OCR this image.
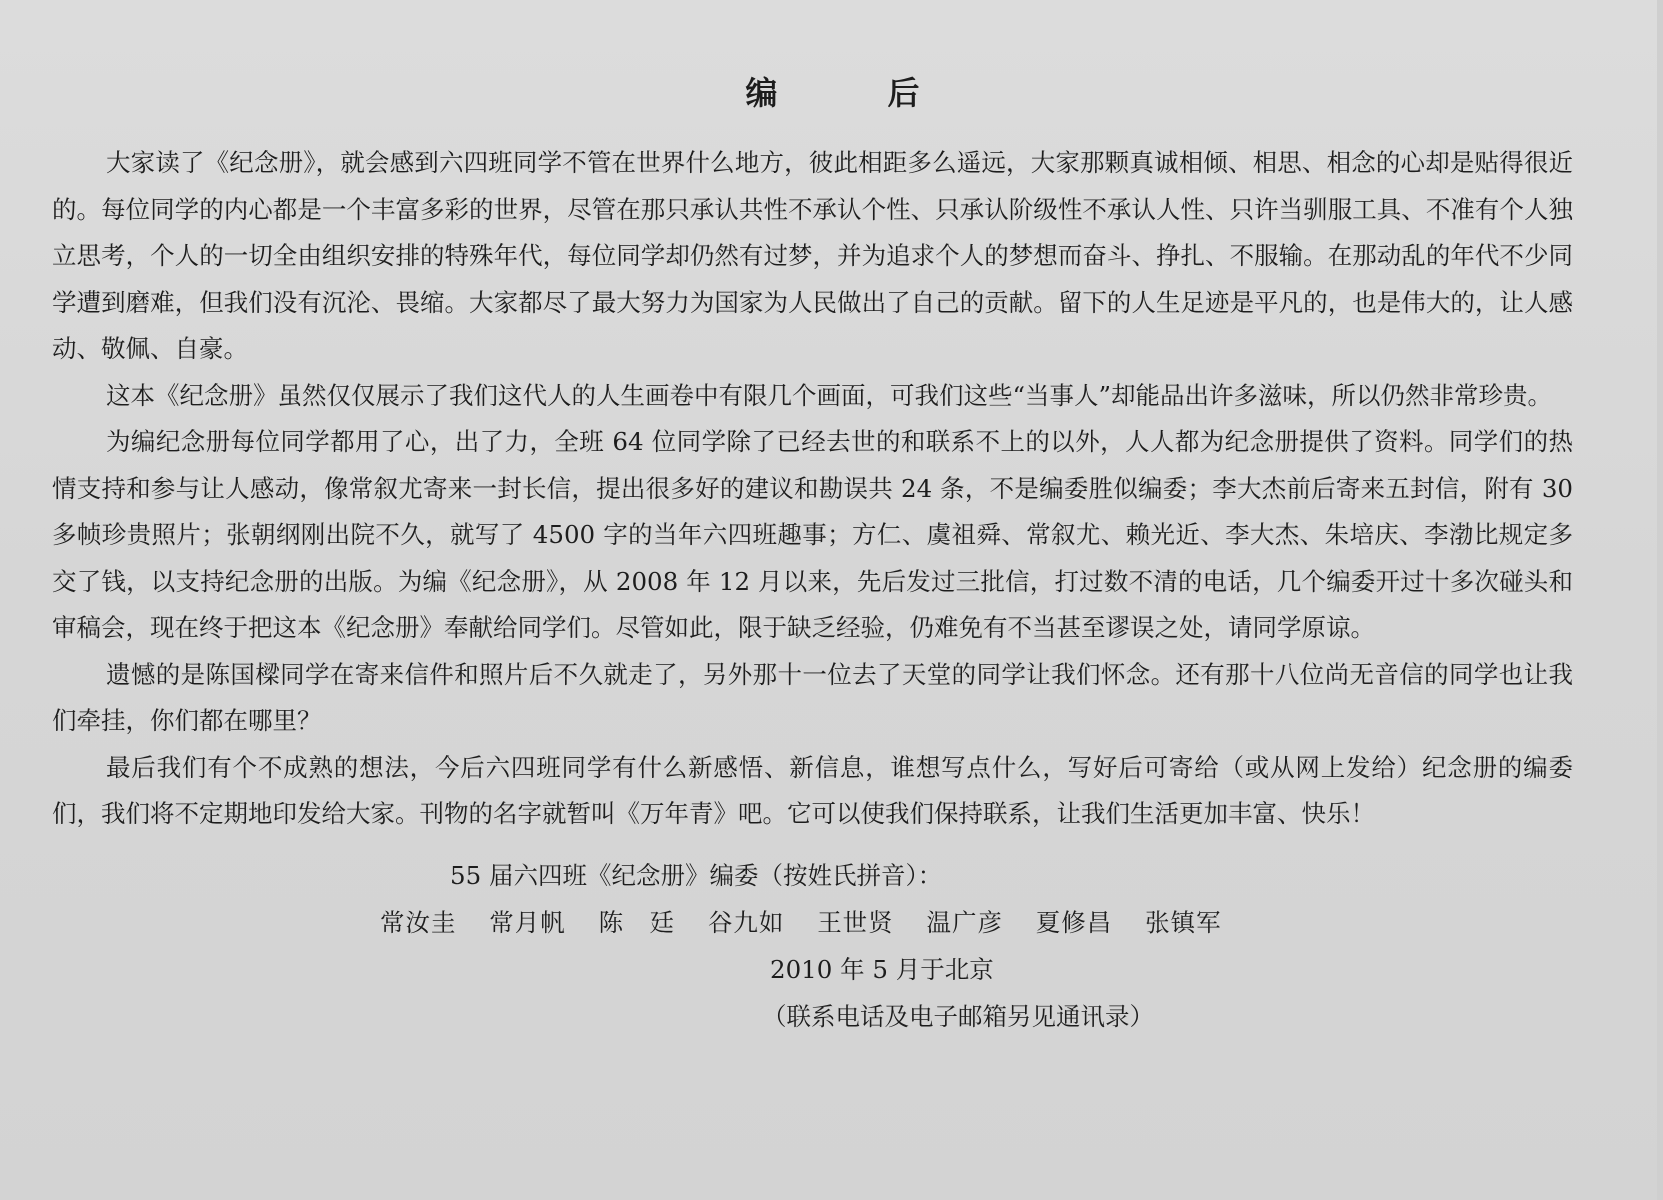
编	后

大家读了《纪念册》，就会感到六四班同学不管在世界什么地方，彼此相距多么遥远，大家那颗真诚相倾、相思、相念的心却是贴得很近的。每位同学的内心都是一个丰富多彩的世界，尽管在那只承认共性不承认个性、只承认阶级性不承认人性、只许当驯服工具、不准有个人独立思考，个人的一切全由组织安排的特殊年代，每位同学却仍然有过梦，并为追求个人的梦想而奋斗、挣扎、不服输。在那动乱的年代不少同学遭到磨难，但我们没有沉沦、畏缩。大家都尽了最大努力为国家为人民做出了自己的贡献。留下的人生足迹是平凡的，也是伟大的，让人感动、敬佩、自豪。

这本《纪念册》虽然仅仅展示了我们这代人的人生画卷中有限几个画面，可我们这些“当事人”却能品出许多滋味，所以仍然非常珍贵。

为编纪念册每位同学都用了心，出了力，全班 64 位同学除了已经去世的和联系不上的以外，人人都为纪念册提供了资料。同学们的热情支持和参与让人感动，像常叙尤寄来一封长信，提出很多好的建议和勘误共 24 条，不是编委胜似编委；李大杰前后寄来五封信，附有 30 多帧珍贵照片；张朝纲刚出院不久，就写了 4500 字的当年六四班趣事；方仁、虞祖舜、常叙尤、赖光近、李大杰、朱培庆、李渤比规定多交了钱，以支持纪念册的出版。为编《纪念册》，从 2008 年 12 月以来，先后发过三批信，打过数不清的电话，几个编委开过十多次碰头和审稿会，现在终于把这本《纪念册》奉献给同学们。尽管如此，限于缺乏经验，仍难免有不当甚至谬误之处，请同学原谅。

遗憾的是陈国樑同学在寄来信件和照片后不久就走了，另外那十一位去了天堂的同学让我们怀念。还有那十八位尚无音信的同学也让我们牵挂，你们都在哪里？

最后我们有个不成熟的想法，今后六四班同学有什么新感悟、新信息，谁想写点什么，写好后可寄给（或从网上发给）纪念册的编委们，我们将不定期地印发给大家。刊物的名字就暂叫《万年青》吧。它可以使我们保持联系，让我们生活更加丰富、快乐！

55 届六四班《纪念册》编委（按姓氏拼音）：
常汝圭 常月帆 陈　廷 谷九如 王世贤 温广彦 夏修昌 张镇军
2010 年 5 月于北京
（联系电话及电子邮箱另见通讯录）
